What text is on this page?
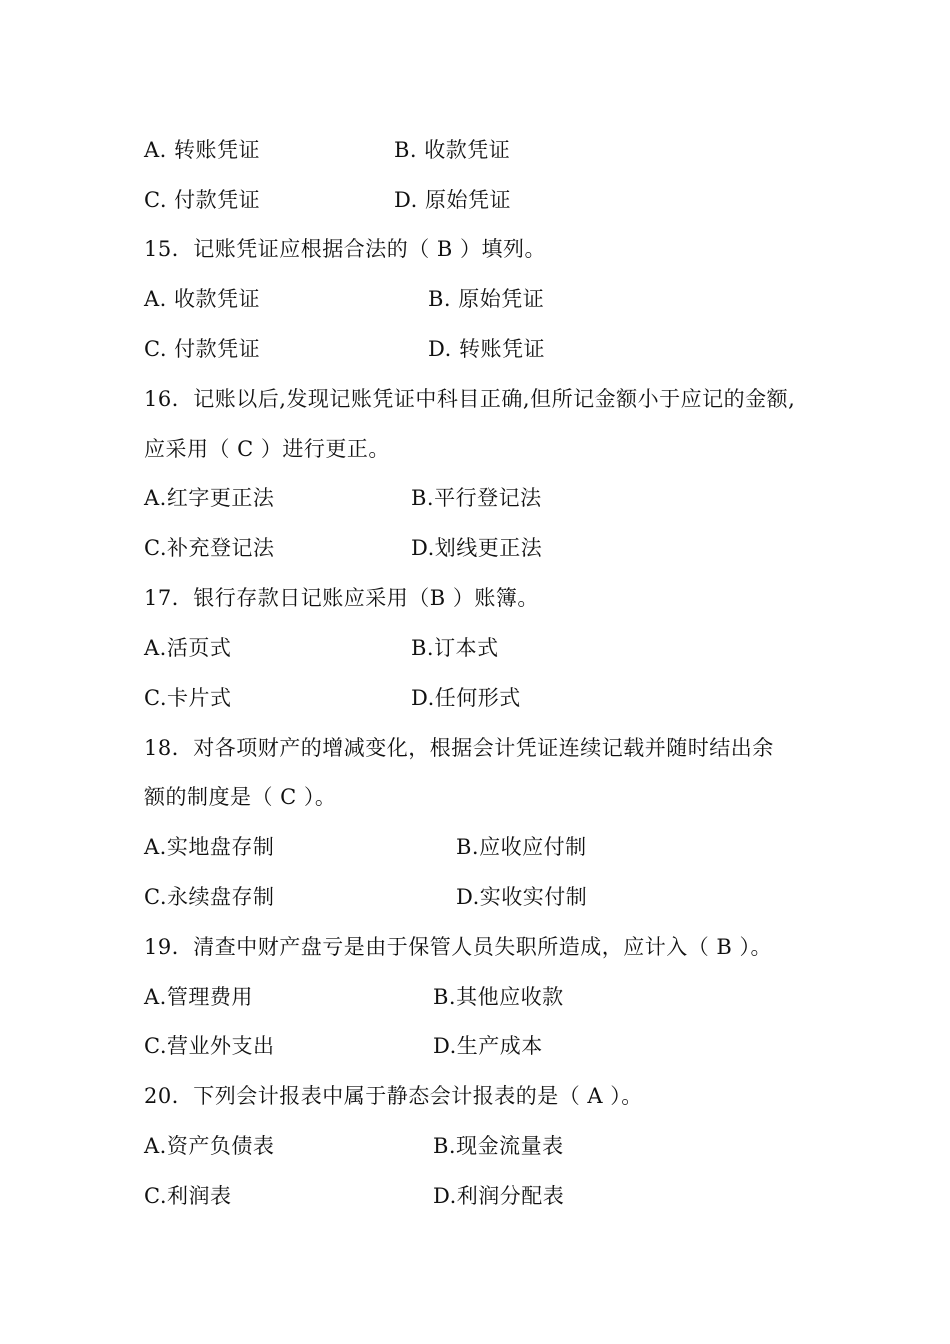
A. 转账凭证	B. 收款凭证
C. 付款凭证	D. 原始凭证
15．记账凭证应根据合法的（ B ）填列。
A. 收款凭证	B. 原始凭证
C. 付款凭证	D. 转账凭证
16．记账以后,发现记账凭证中科目正确,但所记金额小于应记的金额,
应采用（ C ）进行更正。
A.红字更正法	B.平行登记法
C.补充登记法	D.划线更正法
17．银行存款日记账应采用（B ）账簿。
A.活页式	B.订本式
C.卡片式	D.任何形式
18．对各项财产的增减变化，根据会计凭证连续记载并随时结出余
额的制度是（ C ）。
A.实地盘存制	B.应收应付制
C.永续盘存制	D.实收实付制
19．清查中财产盘亏是由于保管人员失职所造成，应计入（ B ）。
A.管理费用	B.其他应收款
C.营业外支出	D.生产成本
20．下列会计报表中属于静态会计报表的是（ A ）。
A.资产负债表	B.现金流量表
C.利润表	D.利润分配表
